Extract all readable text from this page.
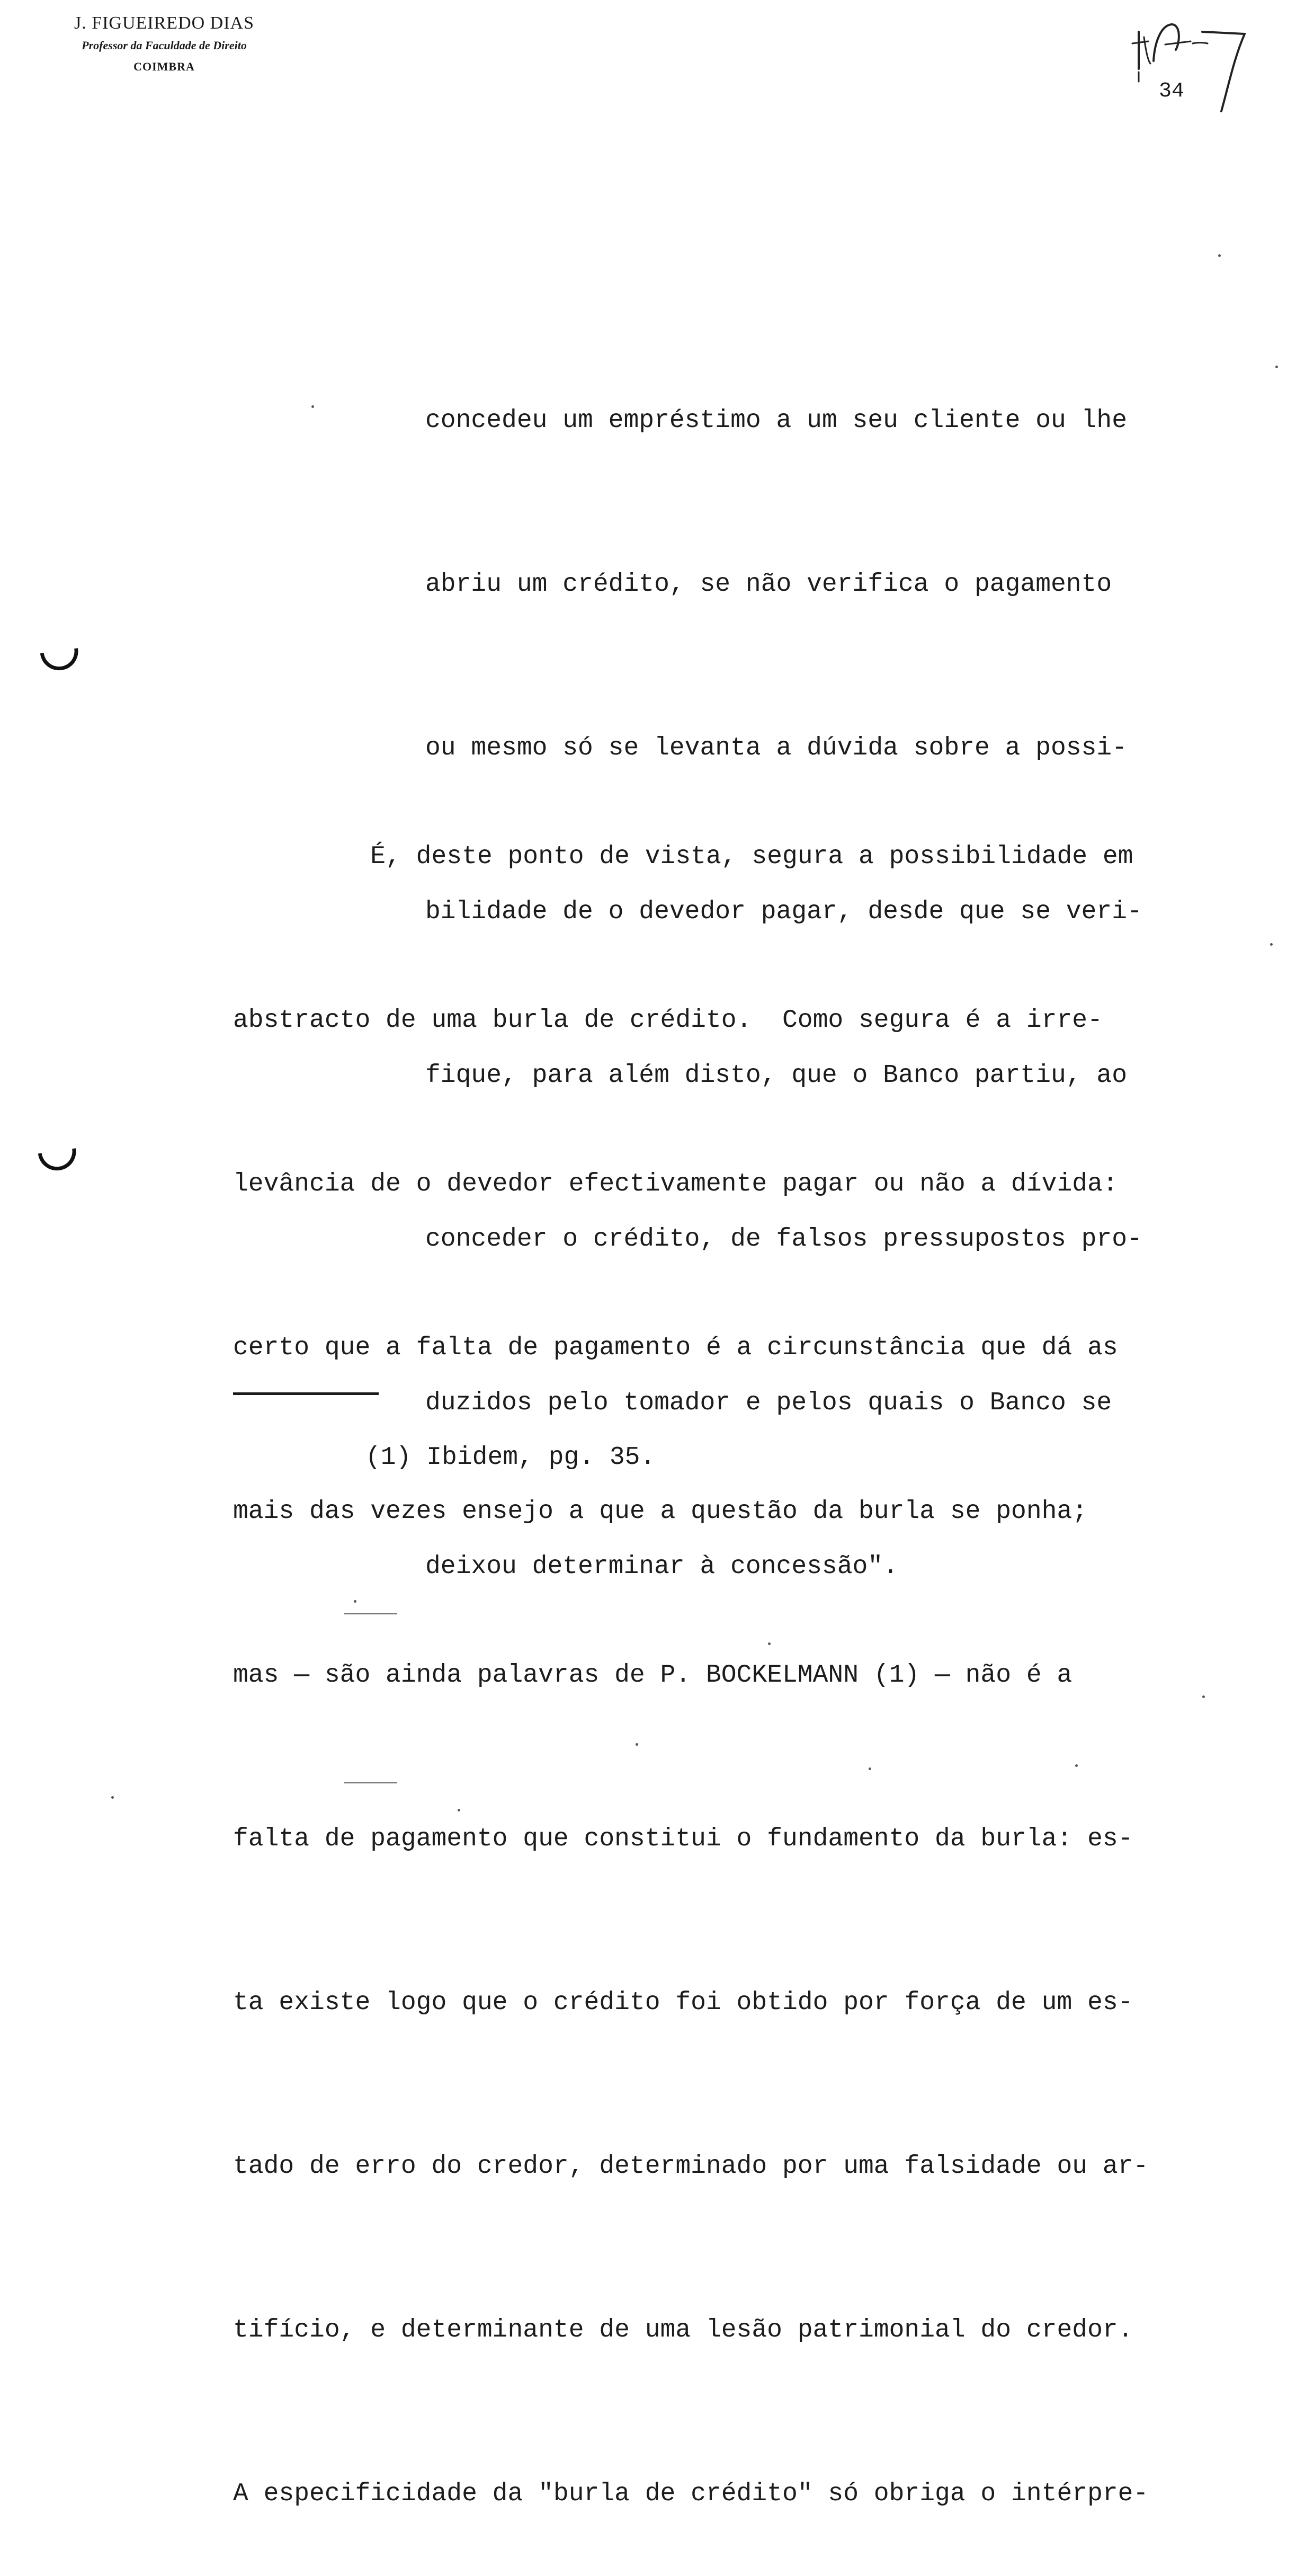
J. FIGUEIREDO DIAS
Professor da Faculdade de Direito
COIMBRA
34

concedeu um empréstimo a um seu cliente ou lhe

abriu um crédito, se não verifica o pagamento

ou mesmo só se levanta a dúvida sobre a possi-

bilidade de o devedor pagar, desde que se veri-

fique, para além disto, que o Banco partiu, ao

conceder o crédito, de falsos pressupostos pro-

duzidos pelo tomador e pelos quais o Banco se

deixou determinar à concessão".

É, deste ponto de vista, segura a possibilidade em

abstracto de uma burla de crédito.  Como segura é a irre-

levância de o devedor efectivamente pagar ou não a dívida:

certo que a falta de pagamento é a circunstância que dá as

mais das vezes ensejo a que a questão da burla se ponha;

mas — são ainda palavras de P. BOCKELMANN (1) — não é a

falta de pagamento que constitui o fundamento da burla: es-

ta existe logo que o crédito foi obtido por força de um es-

tado de erro do credor, determinado por uma falsidade ou ar-

tifício, e determinante de uma lesão patrimonial do credor.

A especificidade da "burla de crédito" só obriga o intérpre-

(1) Ibidem, pg. 35.
